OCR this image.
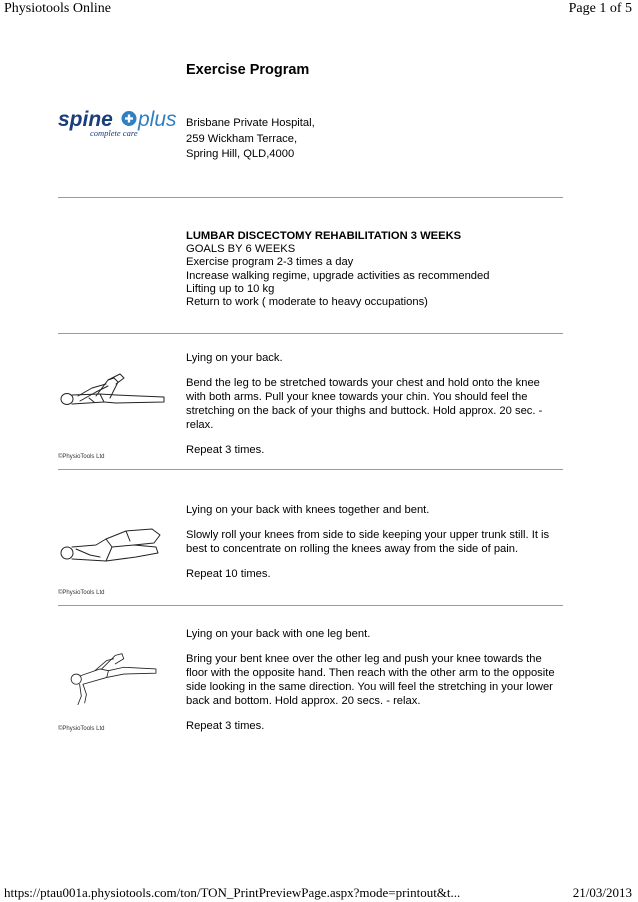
Physiotools Online	Page 1 of 5
Exercise Program
spine plus
complete care
Brisbane Private Hospital,
259 Wickham Terrace,
Spring Hill, QLD,4000
LUMBAR DISCECTOMY REHABILITATION 3 WEEKS
GOALS BY 6 WEEKS
Exercise program 2-3 times a day
Increase walking regime, upgrade activities as recommended
Lifting up to 10 kg
Return to work ( moderate to heavy occupations)
©PhysioTools Ltd

Lying on your back.

Bend the leg to be stretched towards your chest and hold onto the knee with both arms. Pull your knee towards your chin. You should feel the stretching on the back of your thighs and buttock. Hold approx. 20 sec. - relax.

Repeat 3 times.

©PhysioTools Ltd

Lying on your back with knees together and bent.

Slowly roll your knees from side to side keeping your upper trunk still. It is best to concentrate on rolling the knees away from the side of pain.

Repeat 10 times.

©PhysioTools Ltd

Lying on your back with one leg bent.

Bring your bent knee over the other leg and push your knee towards the floor with the opposite hand. Then reach with the other arm to the opposite side looking in the same direction. You will feel the stretching in your lower back and bottom. Hold approx. 20 secs. - relax.

Repeat 3 times.

https://ptau001a.physiotools.com/ton/TON_PrintPreviewPage.aspx?mode=printout&t...	21/03/2013
